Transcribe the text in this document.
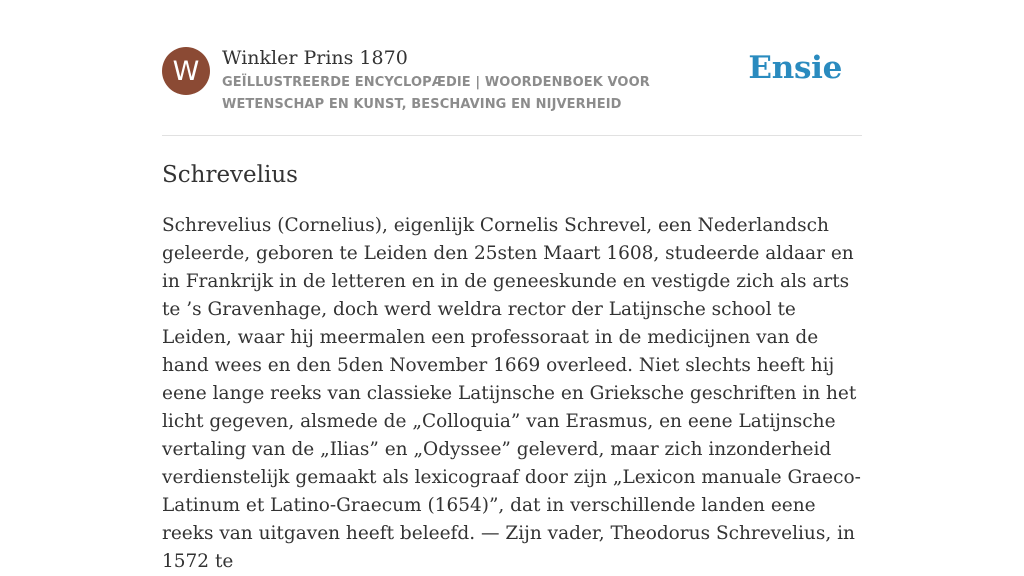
W	Winkler Prins 1870
GEÏLLUSTREERDE ENCYCLOPÆDIE | WOORDENBOEK VOOR WETENSCHAP EN KUNST, BESCHAVING EN NIJVERHEID
Ensie
Schrevelius

Schrevelius (Cornelius), eigenlijk Cornelis Schrevel, een Nederlandsch geleerde, geboren te Leiden den 25sten Maart 1608, studeerde aldaar en in Frankrijk in de letteren en in de geneeskunde en vestigde zich als arts te ’s Gravenhage, doch werd weldra rector der Latijnsche school te Leiden, waar hij meermalen een professoraat in de medicijnen van de hand wees en den 5den November 1669 overleed. Niet slechts heeft hij eene lange reeks van classieke Latijnsche en Grieksche geschriften in het licht gegeven, alsmede de „Colloquia” van Erasmus, en eene Latijnsche vertaling van de „Ilias” en „Odyssee” geleverd, maar zich inzonderheid verdienstelijk gemaakt als lexicograaf door zijn „Lexicon manuale Graeco-Latinum et Latino-Graecum (1654)”, dat in verschillende landen eene reeks van uitgaven heeft beleefd. — Zijn vader, Theodorus Schrevelius, in 1572 te
